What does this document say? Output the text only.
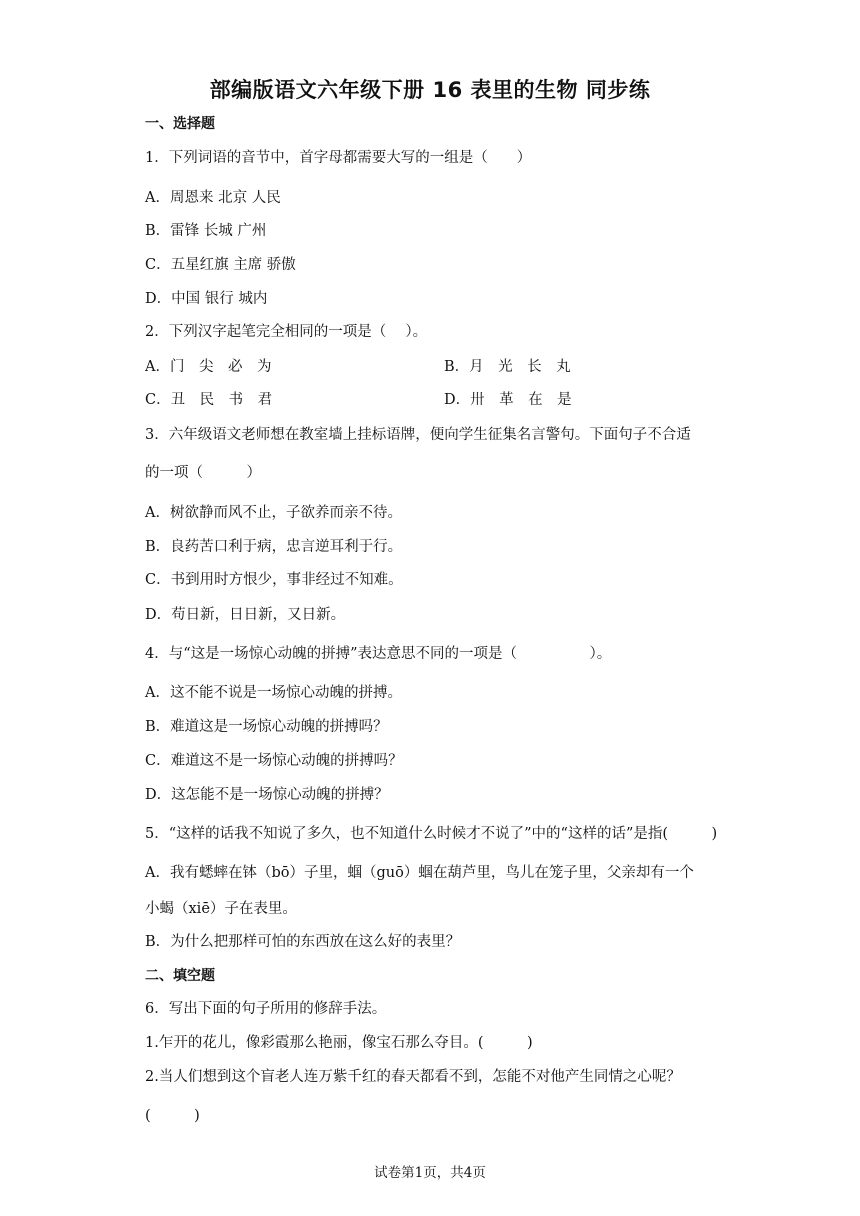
部编版语文六年级下册 16 表里的生物 同步练
一、选择题
1．下列词语的音节中，首字母都需要大写的一组是（　　）
A．周恩来 北京 人民
B．雷锋 长城 广州
C．五星红旗 主席 骄傲
D．中国 银行 城内
2．下列汉字起笔完全相同的一项是（　 ）。
A．门　尖　必　为	B．月　光　长　丸
C．丑　民　书　君	D．卅　革　在　是
3．六年级语文老师想在教室墙上挂标语牌，便向学生征集名言警句。下面句子不合适
的一项（　　　）
A．树欲静而风不止，子欲养而亲不待。
B．良药苦口利于病，忠言逆耳利于行。
C．书到用时方恨少，事非经过不知难。
D．苟日新，日日新，又日新。
4．与“这是一场惊心动魄的拼搏”表达意思不同的一项是（　　　　　）。
A．这不能不说是一场惊心动魄的拼搏。
B．难道这是一场惊心动魄的拼搏吗？
C．难道这不是一场惊心动魄的拼搏吗？
D．这怎能不是一场惊心动魄的拼搏？
5．“这样的话我不知说了多久，也不知道什么时候才不说了”中的“这样的话”是指(　　　)
A．我有蟋蟀在钵（bō）子里，蝈（guō）蝈在葫芦里，鸟儿在笼子里，父亲却有一个
小蝎（xiē）子在表里。
B．为什么把那样可怕的东西放在这么好的表里？
二、填空题
6．写出下面的句子所用的修辞手法。
1.乍开的花儿，像彩霞那么艳丽，像宝石那么夺目。(　　　)
2.当人们想到这个盲老人连万紫千红的春天都看不到，怎能不对他产生同情之心呢？
(　　　)
试卷第1页，共4页
